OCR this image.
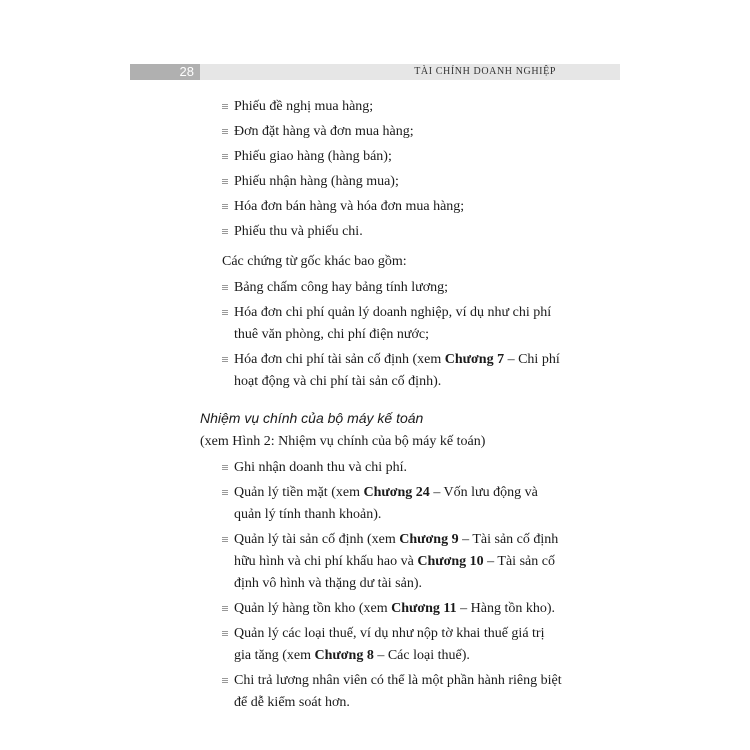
28	TÀI CHÍNH DOANH NGHIỆP
Phiếu đề nghị mua hàng;
Đơn đặt hàng và đơn mua hàng;
Phiếu giao hàng (hàng bán);
Phiếu nhận hàng (hàng mua);
Hóa đơn bán hàng và hóa đơn mua hàng;
Phiếu thu và phiếu chi.

Các chứng từ gốc khác bao gồm:

Bảng chấm công hay bảng tính lương;
Hóa đơn chi phí quản lý doanh nghiệp, ví dụ như chi phí thuê văn phòng, chi phí điện nước;
Hóa đơn chi phí tài sản cố định (xem Chương 7 – Chi phí hoạt động và chi phí tài sản cố định).
Nhiệm vụ chính của bộ máy kế toán
(xem Hình 2: Nhiệm vụ chính của bộ máy kế toán)
Ghi nhận doanh thu và chi phí.
Quản lý tiền mặt (xem Chương 24 – Vốn lưu động và quản lý tính thanh khoản).
Quản lý tài sản cố định (xem Chương 9 – Tài sản cố định hữu hình và chi phí khấu hao và Chương 10 – Tài sản cố định vô hình và thặng dư tài sản).
Quản lý hàng tồn kho (xem Chương 11 – Hàng tồn kho).
Quản lý các loại thuế, ví dụ như nộp tờ khai thuế giá trị gia tăng (xem Chương 8 – Các loại thuế).
Chi trả lương nhân viên có thể là một phần hành riêng biệt để dễ kiểm soát hơn.
